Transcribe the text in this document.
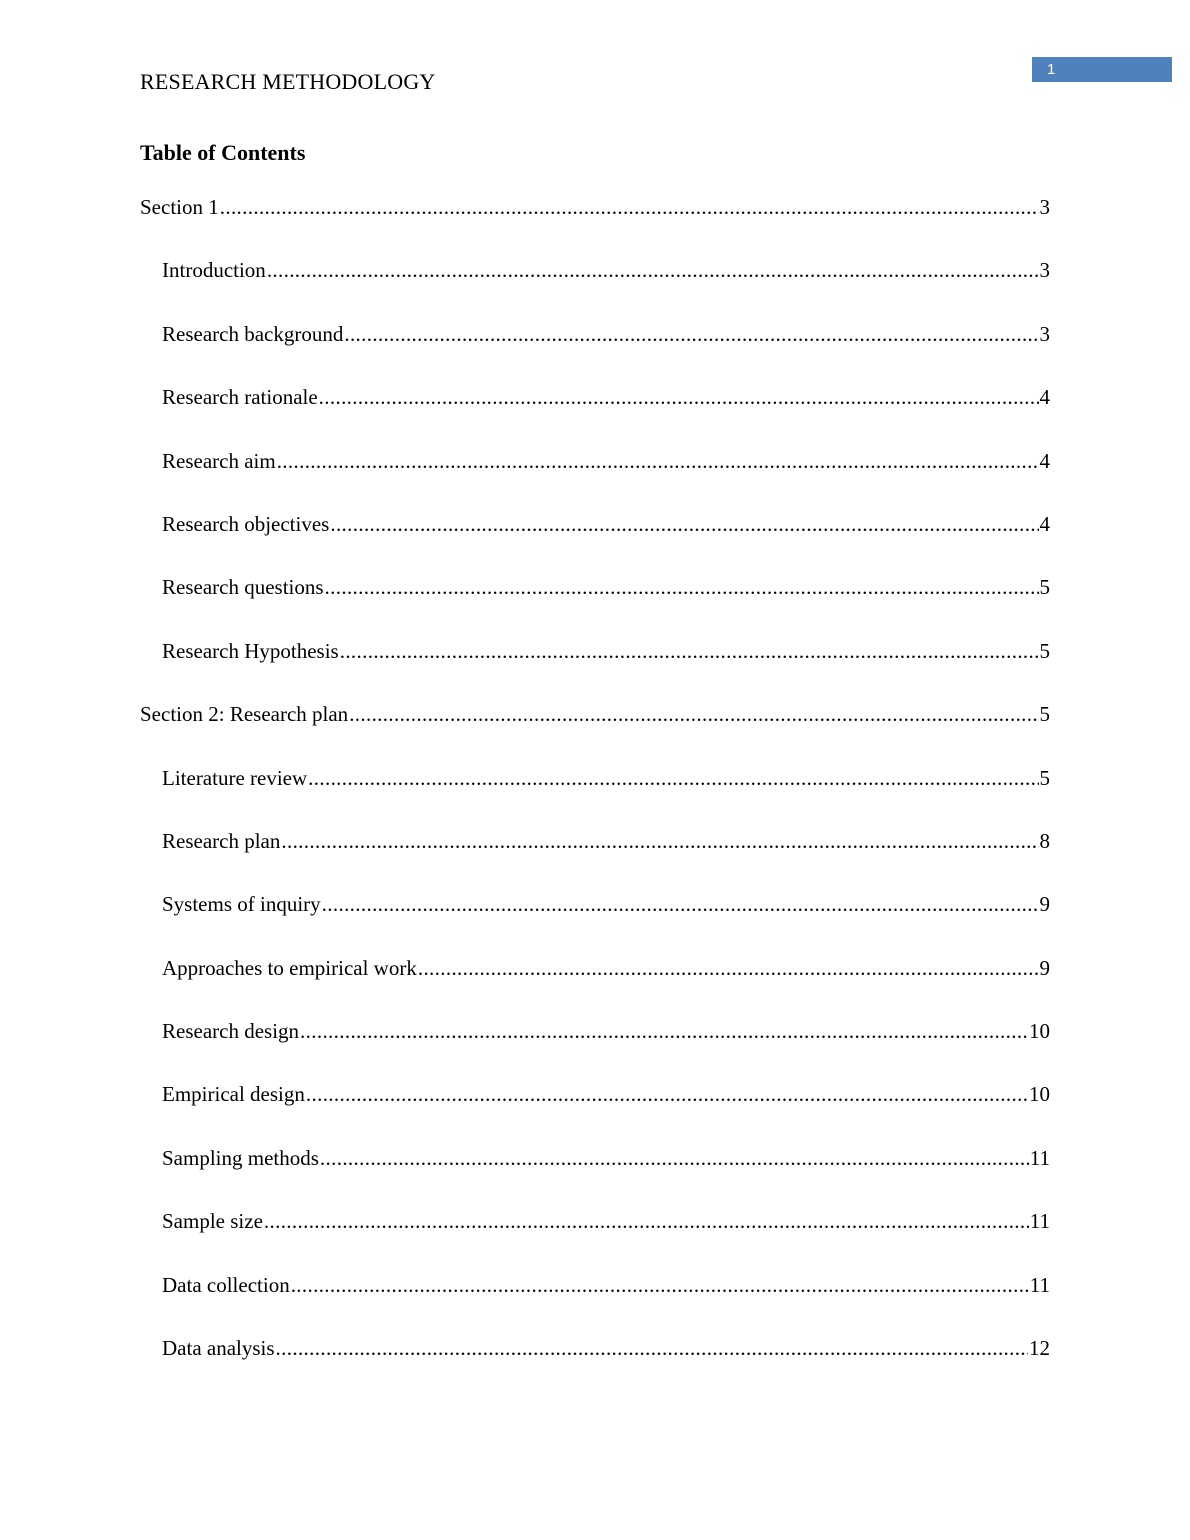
RESEARCH METHODOLOGY	1
Table of Contents
Section 1 .....	3
Introduction .....	3
Research background .....	3
Research rationale .....	4
Research aim .....	4
Research objectives .....	4
Research questions .....	5
Research Hypothesis .....	5
Section 2: Research plan .....	5
Literature review .....	5
Research plan .....	8
Systems of inquiry .....	9
Approaches to empirical work .....	9
Research design .....	10
Empirical design .....	10
Sampling methods .....	11
Sample size .....	11
Data collection .....	11
Data analysis .....	12
